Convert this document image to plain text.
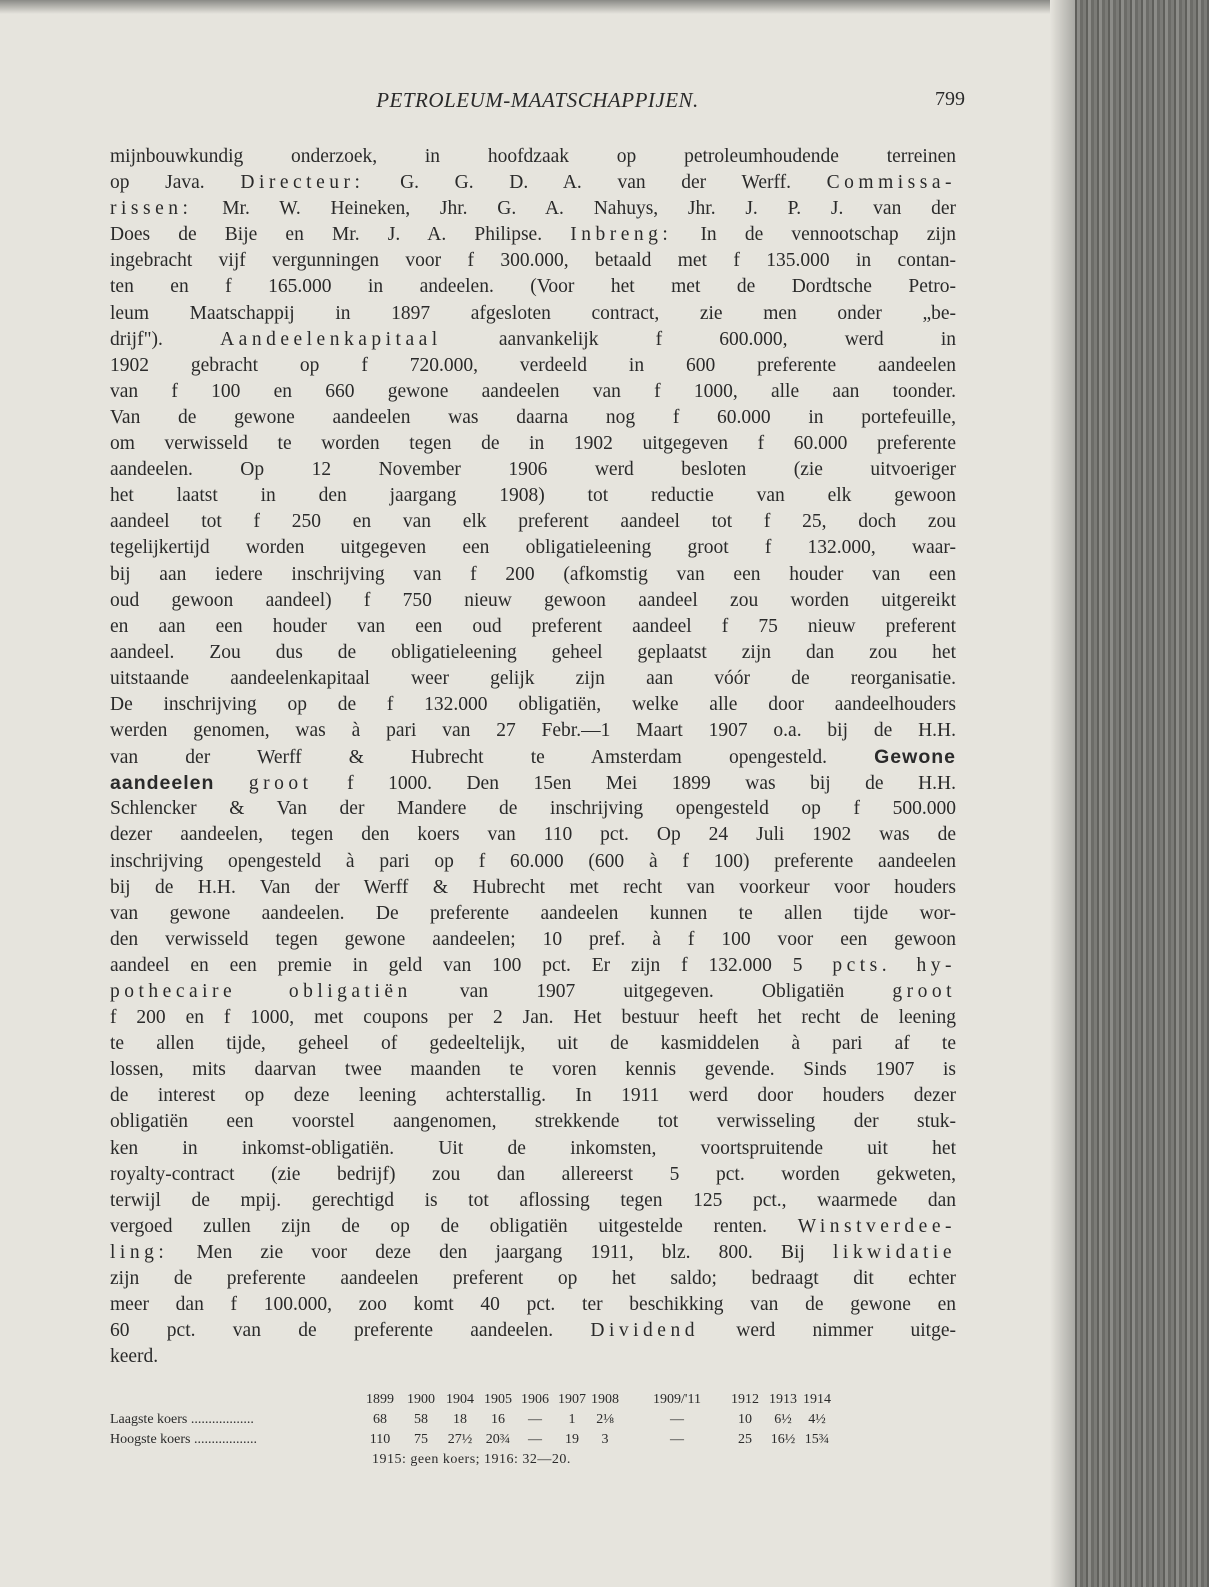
PETROLEUM-MAATSCHAPPIJEN.	799
mijnbouwkundig onderzoek, in hoofdzaak op petroleumhoudende terreinen
op Java. Directeur: G. G. D. A. van der Werff. Commissa-
rissen: Mr. W. Heineken, Jhr. G. A. Nahuys, Jhr. J. P. J. van der
Does de Bije en Mr. J. A. Philipse. Inbreng: In de vennootschap zijn
ingebracht vijf vergunningen voor f 300.000, betaald met f 135.000 in contan-
ten en f 165.000 in andeelen. (Voor het met de Dordtsche Petro-
leum Maatschappij in 1897 afgesloten contract, zie men onder „be-
drijf"). Aandeelenkapitaal aanvankelijk f 600.000, werd in
1902 gebracht op f 720.000, verdeeld in 600 preferente aandeelen
van f 100 en 660 gewone aandeelen van f 1000, alle aan toonder.
Van de gewone aandeelen was daarna nog f 60.000 in portefeuille,
om verwisseld te worden tegen de in 1902 uitgegeven f 60.000 preferente
aandeelen. Op 12 November 1906 werd besloten (zie uitvoeriger
het laatst in den jaargang 1908) tot reductie van elk gewoon
aandeel tot f 250 en van elk preferent aandeel tot f 25, doch zou
tegelijkertijd worden uitgegeven een obligatieleening groot f 132.000, waar-
bij aan iedere inschrijving van f 200 (afkomstig van een houder van een
oud gewoon aandeel) f 750 nieuw gewoon aandeel zou worden uitgereikt
en aan een houder van een oud preferent aandeel f 75 nieuw preferent
aandeel. Zou dus de obligatieleening geheel geplaatst zijn dan zou het
uitstaande aandeelenkapitaal weer gelijk zijn aan vóór de reorganisatie.
De inschrijving op de f 132.000 obligatiën, welke alle door aandeelhouders
werden genomen, was à pari van 27 Febr.—1 Maart 1907 o.a. bij de H.H.
van der Werff & Hubrecht te Amsterdam opengesteld. Gewone
aandeelen groot f 1000. Den 15en Mei 1899 was bij de H.H.
Schlencker & Van der Mandere de inschrijving opengesteld op f 500.000
dezer aandeelen, tegen den koers van 110 pct. Op 24 Juli 1902 was de
inschrijving opengesteld à pari op f 60.000 (600 à f 100) preferente aandeelen
bij de H.H. Van der Werff & Hubrecht met recht van voorkeur voor houders
van gewone aandeelen. De preferente aandeelen kunnen te allen tijde wor-
den verwisseld tegen gewone aandeelen; 10 pref. à f 100 voor een gewoon
aandeel en een premie in geld van 100 pct. Er zijn f 132.000 5 pcts. hy-
pothecaire obligatiën van 1907 uitgegeven. Obligatiën groot
f 200 en f 1000, met coupons per 2 Jan. Het bestuur heeft het recht de leening
te allen tijde, geheel of gedeeltelijk, uit de kasmiddelen à pari af te
lossen, mits daarvan twee maanden te voren kennis gevende. Sinds 1907 is
de interest op deze leening achterstallig. In 1911 werd door houders dezer
obligatiën een voorstel aangenomen, strekkende tot verwisseling der stuk-
ken in inkomst-obligatiën. Uit de inkomsten, voortspruitende uit het
royalty-contract (zie bedrijf) zou dan allereerst 5 pct. worden gekweten,
terwijl de mpij. gerechtigd is tot aflossing tegen 125 pct., waarmede dan
vergoed zullen zijn de op de obligatiën uitgestelde renten. Winstverdee-
ling: Men zie voor deze den jaargang 1911, blz. 800. Bij likwidatie
zijn de preferente aandeelen preferent op het saldo; bedraagt dit echter
meer dan f 100.000, zoo komt 40 pct. ter beschikking van de gewone en
60 pct. van de preferente aandeelen. Dividend werd nimmer uitge-
keerd.
1899 1900 1904 1905 1906 1907 1908 1909/'11 1912 1913 1914
Laagste koers ..................	68 58 18 16 — 1 2⅛	—	10 6½ 4½
Hoogste koers ..................	110 75 27½ 20¾ — 19 3	—	25 16½ 15¾
1915: geen koers; 1916: 32—20.
